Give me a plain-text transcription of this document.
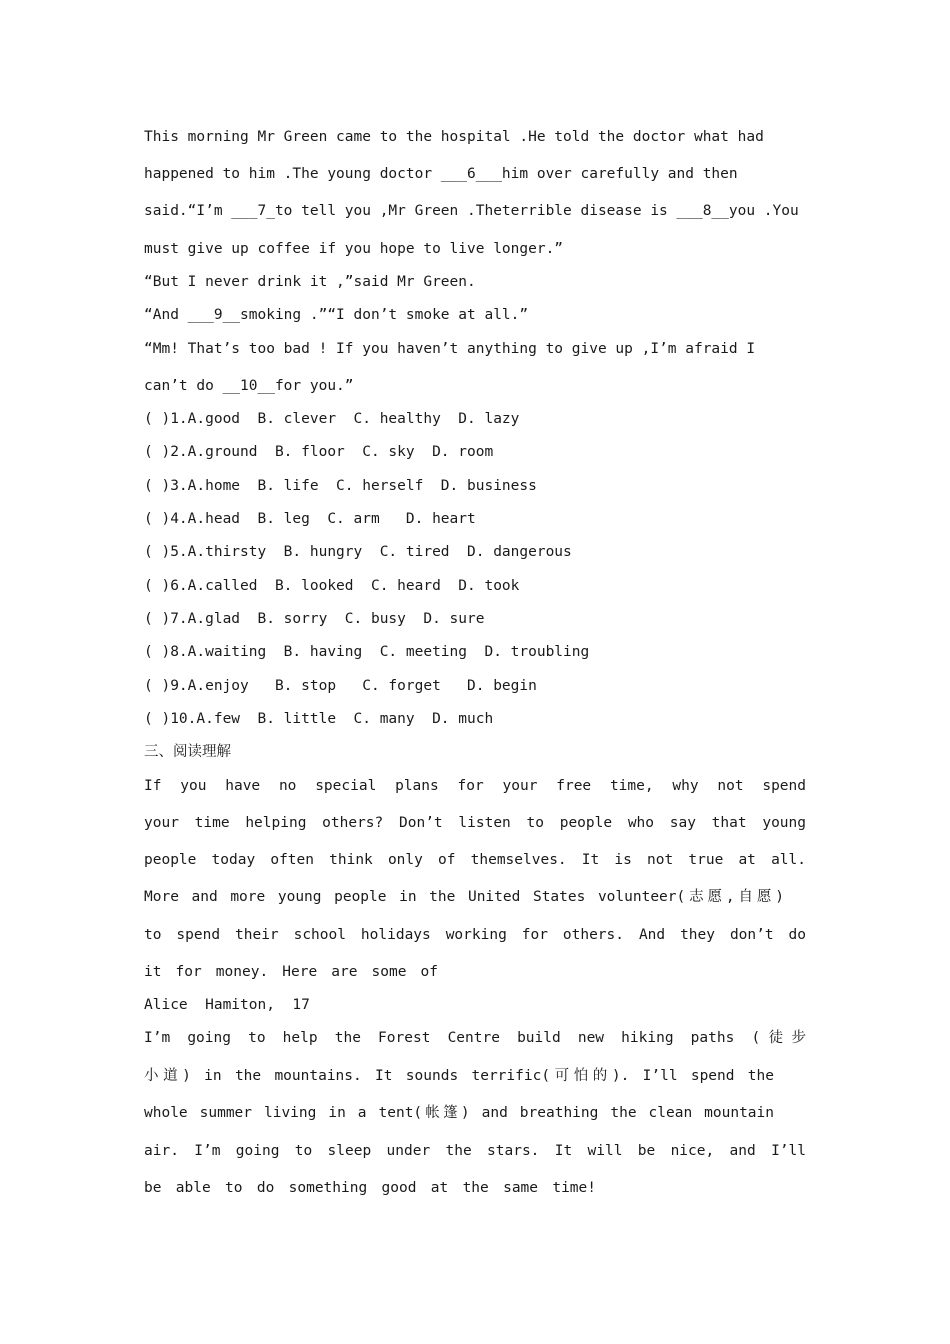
This morning Mr Green came to the hospital .He told the doctor what had
happened to him .The young doctor ___6___him over carefully and then
said.“I’m ___7_to tell you ,Mr Green .Theterrible disease is ___8__you .You
must give up coffee if you hope to live longer.”
“But I never drink it ,”said Mr Green.
“And ___9__smoking .”“I don’t smoke at all.”
“Mm! That’s too bad ! If you haven’t anything to give up ,I’m afraid I
can’t do __10__for you.”
( )1.A.good  B. clever  C. healthy  D. lazy
( )2.A.ground  B. floor  C. sky  D. room
( )3.A.home  B. life  C. herself  D. business
( )4.A.head  B. leg  C. arm   D. heart
( )5.A.thirsty  B. hungry  C. tired  D. dangerous
( )6.A.called  B. looked  C. heard  D. took
( )7.A.glad  B. sorry  C. busy  D. sure
( )8.A.waiting  B. having  C. meeting  D. troubling
( )9.A.enjoy   B. stop   C. forget   D. begin
( )10.A.few  B. little  C. many  D. much
三、阅读理解
If you have no special plans for your free time, why not spend
your time helping others? Don’t listen to people who say that young
people today often think only of themselves. It is not true at all.
More and more young people in the United States volunteer(志愿,自愿)
to spend their school holidays working for others. And they don’t do
it for money. Here are some of
Alice  Hamiton,  17
I’m going to help the Forest Centre build new hiking paths (徒步
小道) in the mountains. It sounds terrific(可怕的). I’ll spend the
whole summer living in a tent(帐篷) and breathing the clean mountain
air. I’m going to sleep under the stars. It will be nice, and I’ll
be able to do something good at the same time!
